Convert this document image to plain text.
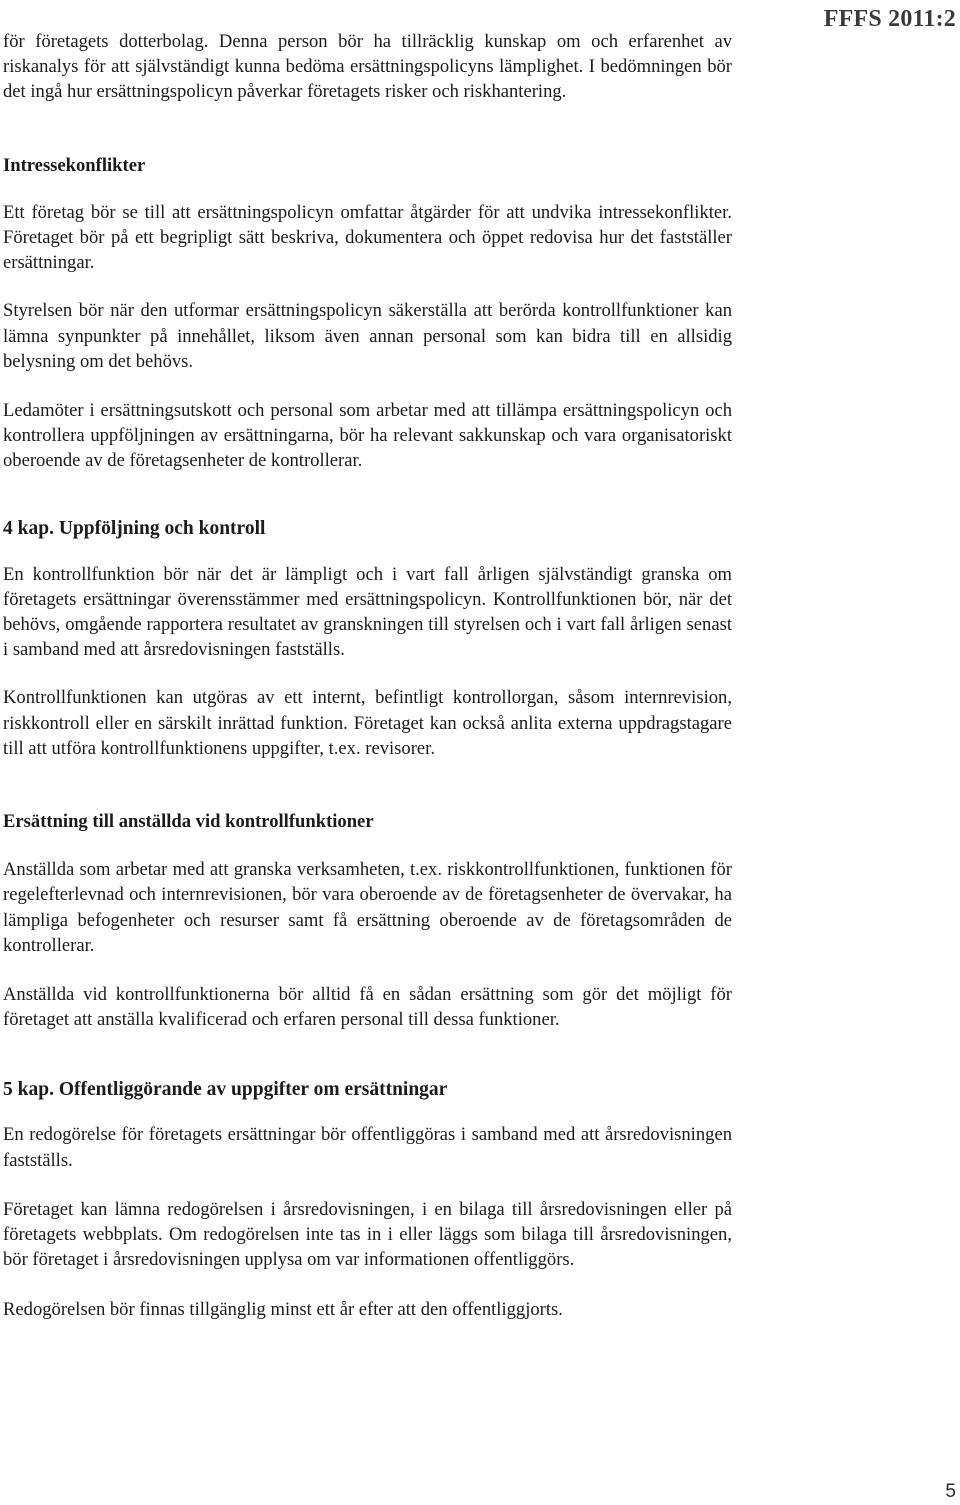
FFFS 2011:2

för företagets dotterbolag. Denna person bör ha tillräcklig kunskap om och erfarenhet av riskanalys för att självständigt kunna bedöma ersättningspolicyns lämplighet. I bedömningen bör det ingå hur ersättningspolicyn påverkar företagets risker och riskhantering.

Intressekonflikter

Ett företag bör se till att ersättningspolicyn omfattar åtgärder för att undvika intressekonflikter. Företaget bör på ett begripligt sätt beskriva, dokumentera och öppet redovisa hur det fastställer ersättningar.

Styrelsen bör när den utformar ersättningspolicyn säkerställa att berörda kontrollfunktioner kan lämna synpunkter på innehållet, liksom även annan personal som kan bidra till en allsidig belysning om det behövs.

Ledamöter i ersättningsutskott och personal som arbetar med att tillämpa ersättningspolicyn och kontrollera uppföljningen av ersättningarna, bör ha relevant sakkunskap och vara organisatoriskt oberoende av de företagsenheter de kontrollerar.

4 kap. Uppföljning och kontroll

En kontrollfunktion bör när det är lämpligt och i vart fall årligen självständigt granska om företagets ersättningar överensstämmer med ersättningspolicyn. Kontrollfunktionen bör, när det behövs, omgående rapportera resultatet av granskningen till styrelsen och i vart fall årligen senast i samband med att årsredovisningen fastställs.

Kontrollfunktionen kan utgöras av ett internt, befintligt kontrollorgan, såsom internrevision, riskkontroll eller en särskilt inrättad funktion. Företaget kan också anlita externa uppdragstagare till att utföra kontrollfunktionens uppgifter, t.ex. revisorer.

Ersättning till anställda vid kontrollfunktioner

Anställda som arbetar med att granska verksamheten, t.ex. riskkontrollfunktionen, funktionen för regelefterlevnad och internrevisionen, bör vara oberoende av de företagsenheter de övervakar, ha lämpliga befogenheter och resurser samt få ersättning oberoende av de företagsområden de kontrollerar.

Anställda vid kontrollfunktionerna bör alltid få en sådan ersättning som gör det möjligt för företaget att anställa kvalificerad och erfaren personal till dessa funktioner.

5 kap. Offentliggörande av uppgifter om ersättningar

En redogörelse för företagets ersättningar bör offentliggöras i samband med att årsredovisningen fastställs.

Företaget kan lämna redogörelsen i årsredovisningen, i en bilaga till årsredovisningen eller på företagets webbplats. Om redogörelsen inte tas in i eller läggs som bilaga till årsredovisningen, bör företaget i årsredovisningen upplysa om var informationen offentliggörs.

Redogörelsen bör finnas tillgänglig minst ett år efter att den offentliggjorts.

5
